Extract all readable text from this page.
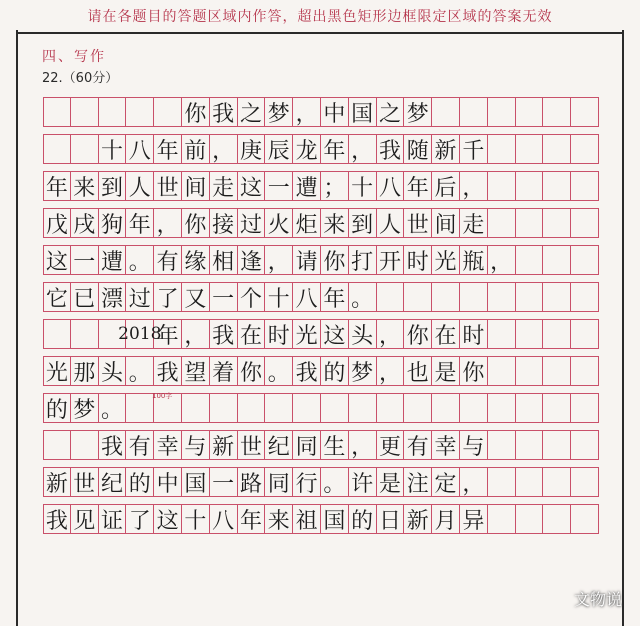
请在各题目的答题区域内作答，超出黑色矩形边框限定区域的答案无效
四、写作
22.（60分）
你 我 之 梦 ， 中 国 之 梦
十 八 年 前 ， 庚 辰 龙 年 ， 我 随 新 千
年 来 到 人 世 间 走 这 一 遭 ； 十 八 年 后 ，
戊 戌 狗 年 ， 你 接 过 火 炬 来 到 人 世 间 走
这 一 遭 。 有 缘 相 逢 ， 请 你 打 开 时 光 瓶 ，
它 已 漂 过 了 又 一 个 十 八 年 。
2018
年 ， 我 在 时 光 这 头 ， 你 在 时
光 那 头 。 我 望 着 你 。 我 的 梦 ， 也 是 你
的 梦 。
我 有 幸 与 新 世 纪 同 生 ， 更 有 幸 与
新 世 纪 的 中 国 一 路 同 行 。 许 是 注 定 ，
我 见 证 了 这 十 八 年 来 祖 国 的 日 新 月 异
100字
文物说
